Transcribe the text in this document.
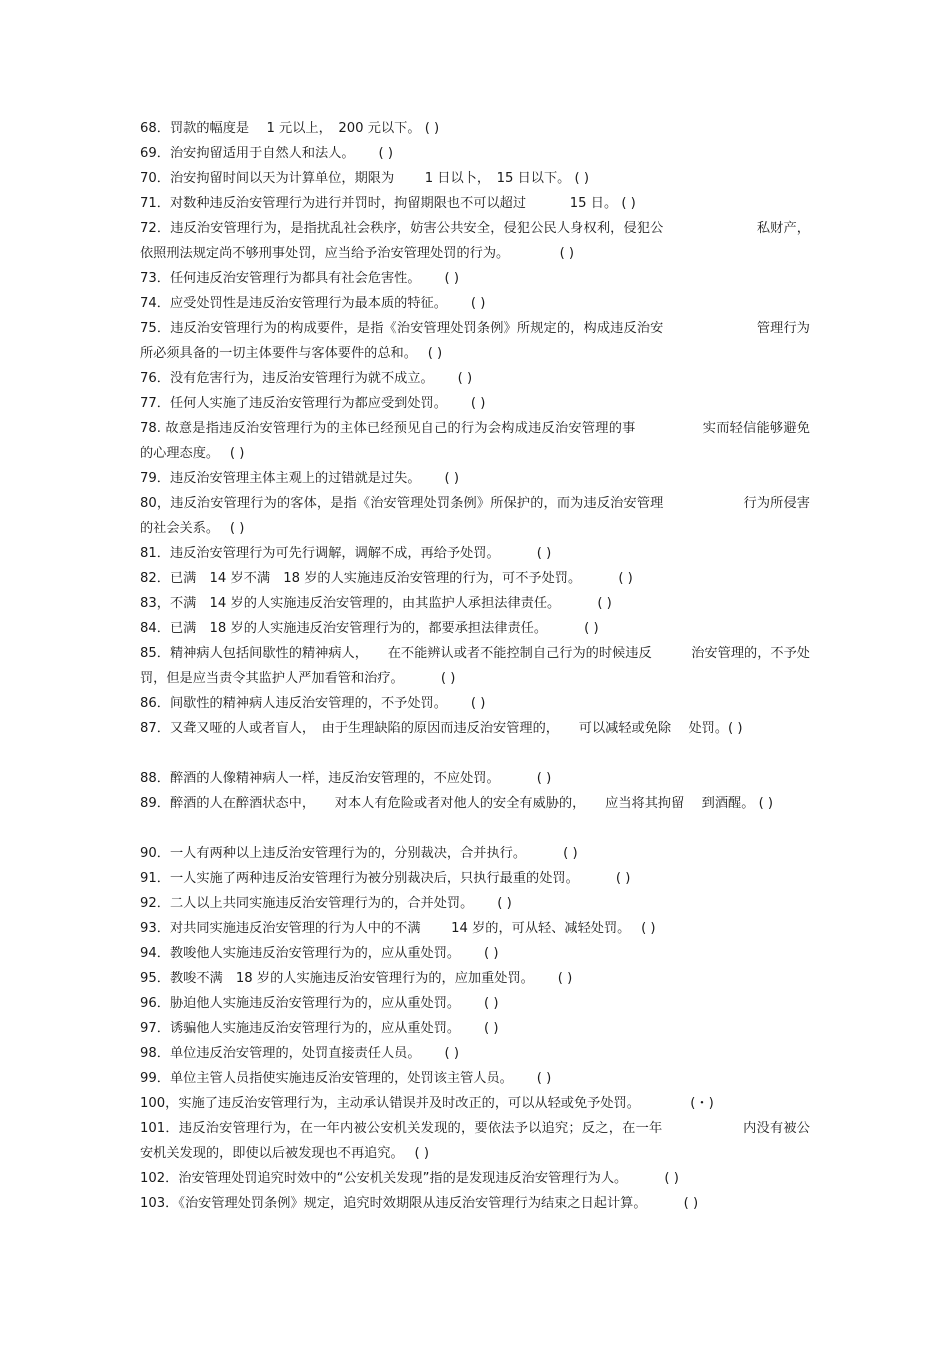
68．罚款的幅度是　 1 元以上，　200 元以下。 ( )

69．治安拘留适用于自然人和法人。　　 ( )

70．治安拘留时间以天为计算单位，期限为　　 1 日以卜，　15 日以下。 ( )

71．对数种违反治安管理行为进行并罚时，拘留期限也不可以超过　　　 15 日。 ( )

72．违反治安管理行为，是指扰乱社会秩序，妨害公共安全，侵犯公民人身权利，侵犯公　　　　　　　私财产，依照刑法规定尚不够刑事处罚，应当给予治安管理处罚的行为。　　　　 ( )

73．任何违反治安管理行为都具有社会危害性。　　 ( )

74．应受处罚性是违反治安管理行为最本质的特征。　　 ( )

75．违反治安管理行为的构成要件，是指《治安管理处罚条例》所规定的，构成违反治安　　　　　　　管理行为所必须具备的一切主体要件与客体要件的总和。　 ( )

76．没有危害行为，违反治安管理行为就不成立。　　 ( )

77．任何人实施了违反治安管理行为都应受到处罚。　　 ( )

78. 故意是指违反治安管理行为的主体已经预见自己的行为会构成违反治安管理的事　　　　　实而轻信能够避免的心理态度。　 ( )

79．违反治安管理主体主观上的过错就是过失。　　 ( )

80，违反治安管理行为的客体，是指《治安管理处罚条例》所保护的，而为违反治安管理　　　　　　行为所侵害的社会关系。　 ( )

81．违反治安管理行为可先行调解，调解不成，再给予处罚。　　　 ( )

82．已满　14 岁不满　18 岁的人实施违反治安管理的行为，可不予处罚。　　　 ( )

83，不满　14 岁的人实施违反治安管理的，由其监护人承担法律责任。　　　 ( )

84．已满　18 岁的人实施违反治安管理行为的，都要承担法律责任。　　　 ( )

85．精神病人包括间歇性的精神病人，　　在不能辨认或者不能控制自己行为的时候违反　　　治安管理的，不予处罚，但是应当责令其监护人严加看管和治疗。　　　 ( )

86．间歇性的精神病人违反治安管理的，不予处罚。　　 ( )

87．又聋又哑的人或者盲人，　由于生理缺陷的原因而违反治安管理的，　　可以减轻或免除　 处罚。( )

88．醉酒的人像精神病人一样，违反治安管理的，不应处罚。　　　 ( )

89．醉酒的人在醉酒状态中，　　对本人有危险或者对他人的安全有威胁的，　　应当将其拘留　 到酒醒。 ( )

90．一人有两种以上违反治安管理行为的，分别裁决，合并执行。　　　 ( )

91．一人实施了两种违反治安管理行为被分别裁决后，只执行最重的处罚。　　　 ( )

92．二人以上共同实施违反治安管理行为的，合并处罚。　　 ( )

93．对共同实施违反治安管理的行为人中的不满　　 14 岁的，可从轻、减轻处罚。　 ( )

94．教唆他人实施违反治安管理行为的，应从重处罚。　　 ( )

95．教唆不满　18 岁的人实施违反治安管理行为的，应加重处罚。　　 ( )

96．胁迫他人实施违反治安管理行为的，应从重处罚。　　 ( )

97．诱骗他人实施违反治安管理行为的，应从重处罚。　　 ( )

98．单位违反治安管理的，处罚直接责任人员。　　 ( )

99．单位主管人员指使实施违反治安管理的，处罚该主管人员。　　 ( )

100，实施了违反治安管理行为，主动承认错误并及时改正的，可以从轻或免予处罚。　　　　 (・)

101．违反治安管理行为，在一年内被公安机关发现的，要依法予以追究；反之，在一年　　　　　　内没有被公安机关发现的，即使以后被发现也不再追究。　 ( )

102．治安管理处罚追究时效中的“公安机关发现”指的是发现违反治安管理行为人。　　　 ( )

103．《治安管理处罚条例》规定，追究时效期限从违反治安管理行为结束之日起计算。　　　 ( )
